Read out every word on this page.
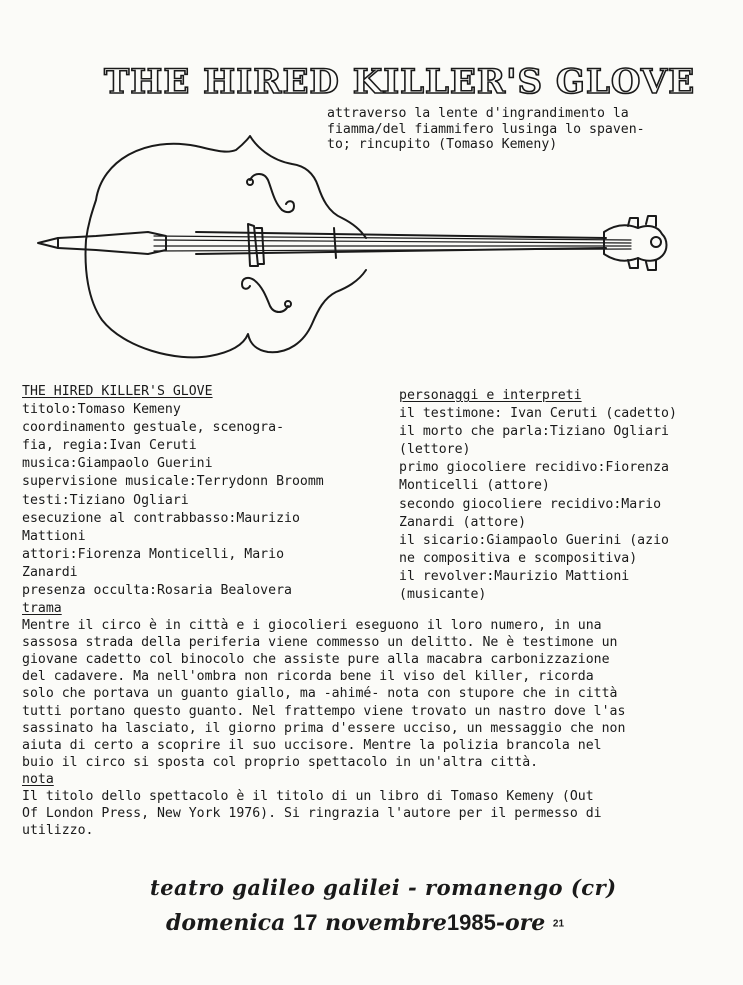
THE HIRED KILLER'S GLOVE
attraverso la lente d'ingrandimento la
fiamma/del fiammifero lusinga lo spaven-
to; rincupito (Tomaso Kemeny)
THE HIRED KILLER'S GLOVE
titolo:Tomaso Kemeny
coordinamento gestuale, scenogra-
fia, regia:Ivan Ceruti
musica:Giampaolo Guerini
supervisione musicale:Terrydonn Broomm
testi:Tiziano Ogliari
esecuzione al contrabbasso:Maurizio
Mattioni
attori:Fiorenza Monticelli, Mario
Zanardi
presenza occulta:Rosaria Bealovera
personaggi e interpreti
il testimone: Ivan Ceruti (cadetto)
il morto che parla:Tiziano Ogliari
(lettore)
primo giocoliere recidivo:Fiorenza
Monticelli (attore)
secondo giocoliere recidivo:Mario
Zanardi (attore)
il sicario:Giampaolo Guerini (azio
ne compositiva e scompositiva)
il revolver:Maurizio Mattioni
(musicante)
trama
Mentre il circo è in città e i giocolieri eseguono il loro numero, in una
sassosa strada della periferia viene commesso un delitto. Ne è testimone un
giovane cadetto col binocolo che assiste pure alla macabra carbonizzazione
del cadavere. Ma nell'ombra non ricorda bene il viso del killer, ricorda
solo che portava un guanto giallo, ma -ahimé- nota con stupore che in città
tutti portano questo guanto. Nel frattempo viene trovato un nastro dove l'as
sassinato ha lasciato, il giorno prima d'essere ucciso, un messaggio che non
aiuta di certo a scoprire il suo uccisore. Mentre la polizia brancola nel
buio il circo si sposta col proprio spettacolo in un'altra città.
nota
Il titolo dello spettacolo è il titolo di un libro di Tomaso Kemeny (Out
Of London Press, New York 1976). Si ringrazia l'autore per il permesso di
utilizzo.
teatro galileo galilei - romanengo (cr)
domenica 17 novembre1985-ore 21
